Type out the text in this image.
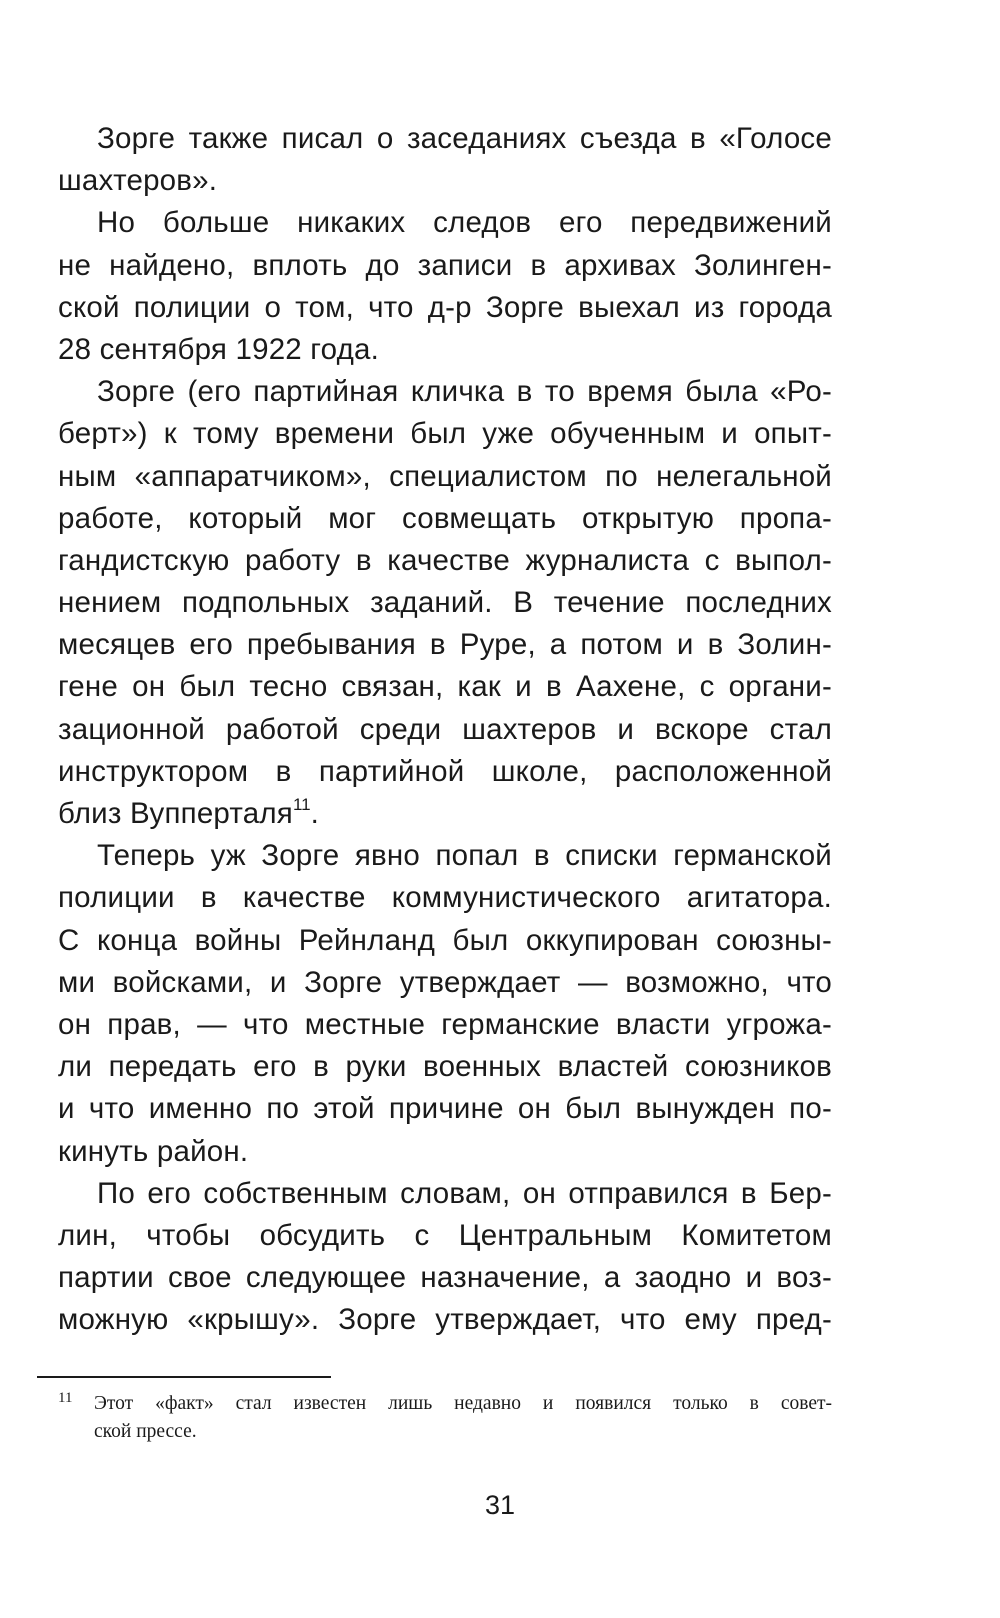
Зорге также писал о заседаниях съезда в «Голосе
шахтеров».
Но больше никаких следов его передвижений
не найдено, вплоть до записи в архивах Золинген-
ской полиции о том, что д-р Зорге выехал из города
28 сентября 1922 года.
Зорге (его партийная кличка в то время была «Ро-
берт») к тому времени был уже обученным и опыт-
ным «аппаратчиком», специалистом по нелегальной
работе, который мог совмещать открытую пропа-
гандистскую работу в качестве журналиста с выпол-
нением подпольных заданий. В течение последних
месяцев его пребывания в Руре, а потом и в Золин-
гене он был тесно связан, как и в Аахене, с органи-
зационной работой среди шахтеров и вскоре стал
инструктором в партийной школе, расположенной
близ Вупперталя$^{11}$.
Теперь уж Зорге явно попал в списки германской
полиции в качестве коммунистического агитатора.
С конца войны Рейнланд был оккупирован союзны-
ми войсками, и Зорге утверждает — возможно, что
он прав, — что местные германские власти угрожа-
ли передать его в руки военных властей союзников
и что именно по этой причине он был вынужден по-
кинуть район.
По его собственным словам, он отправился в Бер-
лин, чтобы обсудить с Центральным Комитетом
партии свое следующее назначение, а заодно и воз-
можную «крышу». Зорге утверждает, что ему пред-
11	Этот «факт» стал известен лишь недавно и появился только в совет-
ской прессе.
31
